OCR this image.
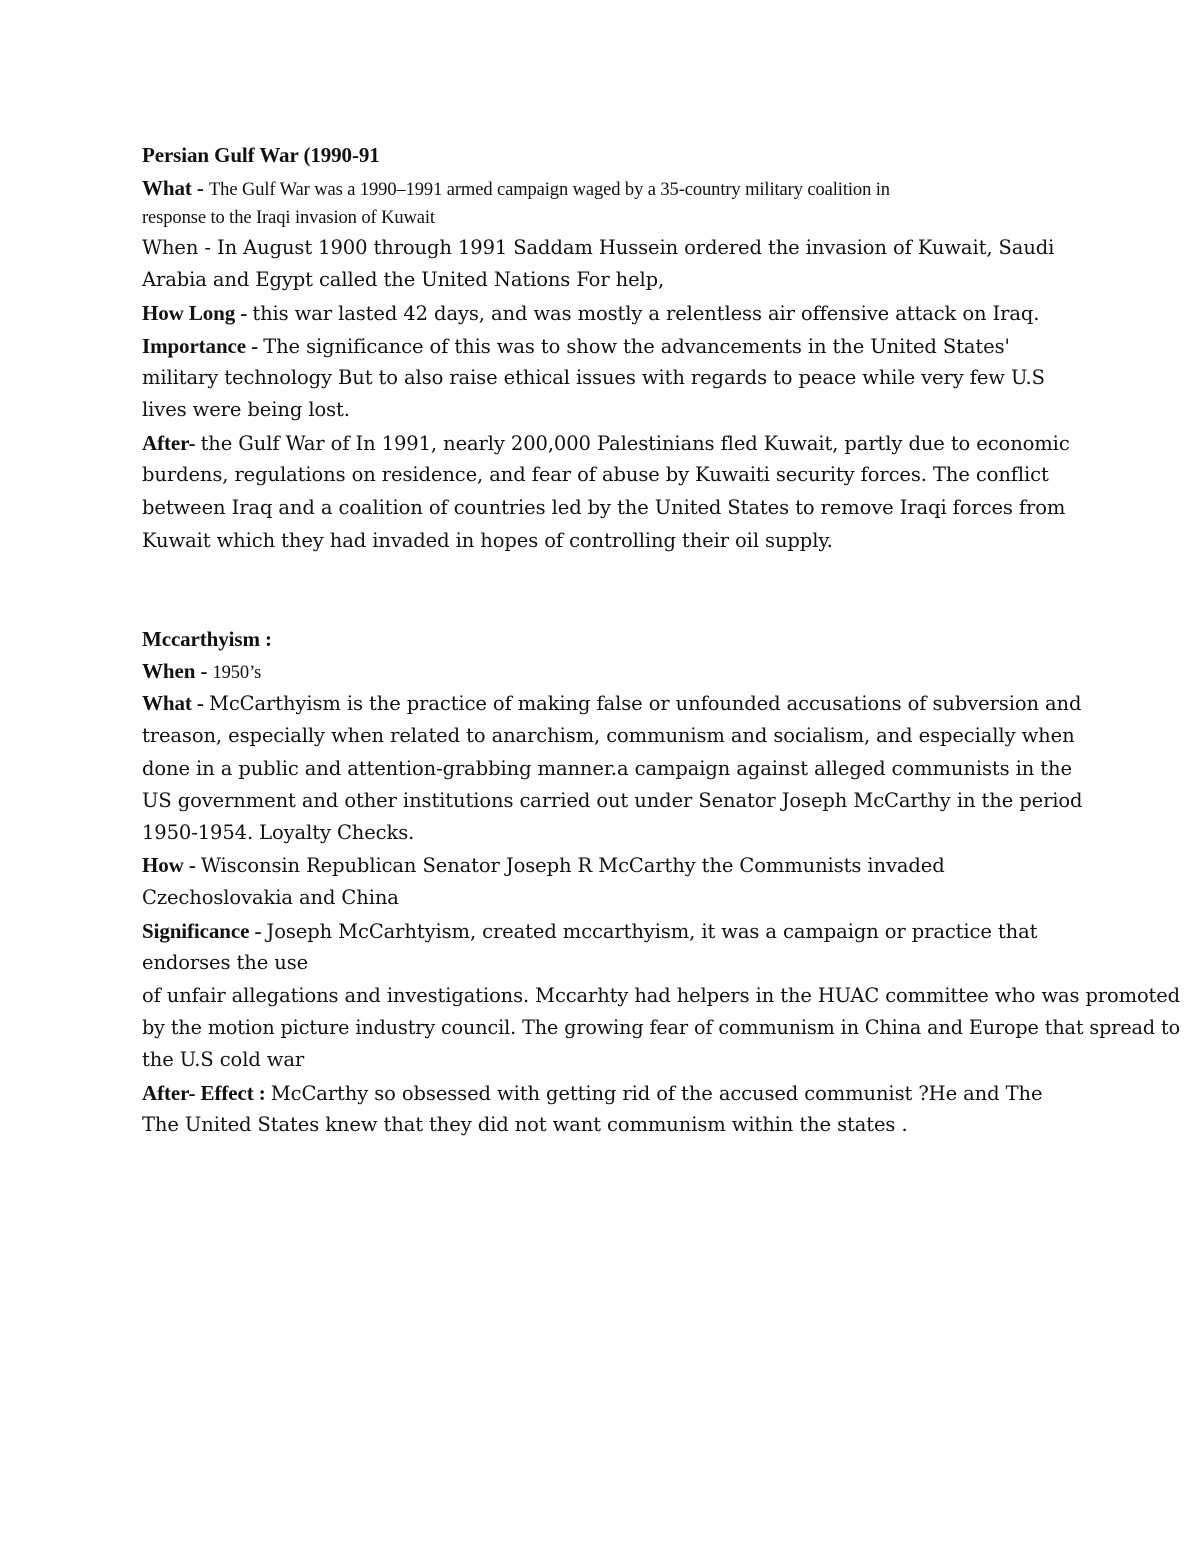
Persian Gulf War (1990-91
What - The Gulf War was a 1990–1991 armed campaign waged by a 35-country military coalition in
response to the Iraqi invasion of Kuwait
When - In August 1900 through 1991 Saddam Hussein ordered the invasion of Kuwait, Saudi
Arabia and Egypt called the United Nations For help,
How Long - this war lasted 42 days, and was mostly a relentless air offensive attack on Iraq.
Importance - The significance of this was to show the advancements in the United States'
military technology But to also raise ethical issues with regards to peace while very few U.S
lives were being lost.
After- the Gulf War of In 1991, nearly 200,000 Palestinians fled Kuwait, partly due to economic
burdens, regulations on residence, and fear of abuse by Kuwaiti security forces. The conflict
between Iraq and a coalition of countries led by the United States to remove Iraqi forces from
Kuwait which they had invaded in hopes of controlling their oil supply.
Mccarthyism :
When - 1950’s
What - McCarthyism is the practice of making false or unfounded accusations of subversion and
treason, especially when related to anarchism, communism and socialism, and especially when
done in a public and attention-grabbing manner.a campaign against alleged communists in the
US government and other institutions carried out under Senator Joseph McCarthy in the period
1950-1954. Loyalty Checks.
How - Wisconsin Republican Senator Joseph R McCarthy the Communists invaded
Czechoslovakia and China
Significance - Joseph McCarhtyism, created mccarthyism, it was a campaign or practice that
endorses the use
of unfair allegations and investigations. Mccarhty had helpers in the HUAC committee who was promoted
by the motion picture industry council. The growing fear of communism in China and Europe that spread to
the U.S cold war
After- Effect : McCarthy so obsessed with getting rid of the accused communist ?He and The
The United States knew that they did not want communism within the states .
